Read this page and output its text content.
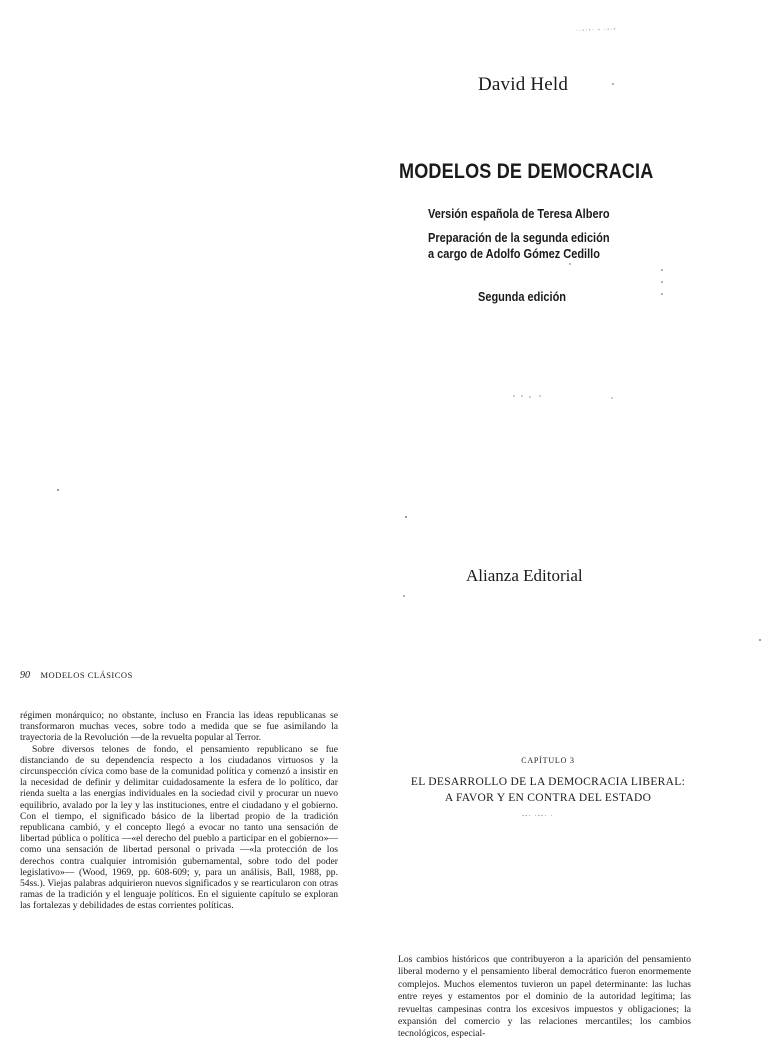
ᐧ·ꞏ·ꞏ· ꞏ ·ꞏ·ꞏ
David Held
MODELOS DE DEMOCRACIA
Versión española de Teresa Albero
Preparación de la segunda edición
a cargo de Adolfo Gómez Cedillo
Segunda edición
Alianza Editorial
90 MODELOS CLÁSICOS

régimen monárquico; no obstante, incluso en Francia las ideas republicanas se transformaron muchas veces, sobre todo a medida que se fue asimilando la trayectoria de la Revolución —de la revuelta popular al Terror.

Sobre diversos telones de fondo, el pensamiento republicano se fue distanciando de su dependencia respecto a los ciudadanos virtuosos y la circunspección cívica como base de la comunidad política y comenzó a insistir en la necesidad de definir y delimitar cuidadosamente la esfera de lo político, dar rienda suelta a las energías individuales en la sociedad civil y procurar un nuevo equilibrio, avalado por la ley y las instituciones, entre el ciudadano y el gobierno. Con el tiempo, el significado básico de la libertad propio de la tradición republicana cambió, y el concepto llegó a evocar no tanto una sensación de libertad pública o política —«el derecho del pueblo a participar en el gobierno»— como una sensación de libertad personal o privada —«la protección de los derechos contra cualquier intromisión gubernamental, sobre todo del poder legislativo»— (Wood, 1969, pp. 608-609; y, para un análisis, Ball, 1988, pp. 54ss.). Viejas palabras adquirieron nuevos significados y se rearticularon con otras ramas de la tradición y el lenguaje políticos. En el siguiente capítulo se exploran las fortalezas y debilidades de estas corrientes políticas.

CAPÍTULO 3
EL DESARROLLO DE LA DEMOCRACIA LIBERAL:
A FAVOR Y EN CONTRA DEL ESTADO
ꞏꞏ· ·ꞏꞏ· ·
Los cambios históricos que contribuyeron a la aparición del pensamiento liberal moderno y el pensamiento liberal democrático fueron enormemente complejos. Muchos elementos tuvieron un papel determinante: las luchas entre reyes y estamentos por el dominio de la autoridad legítima; las revueltas campesinas contra los excesivos impuestos y obligaciones; la expansión del comercio y las relaciones mercantiles; los cambios tecnológicos, especial-
